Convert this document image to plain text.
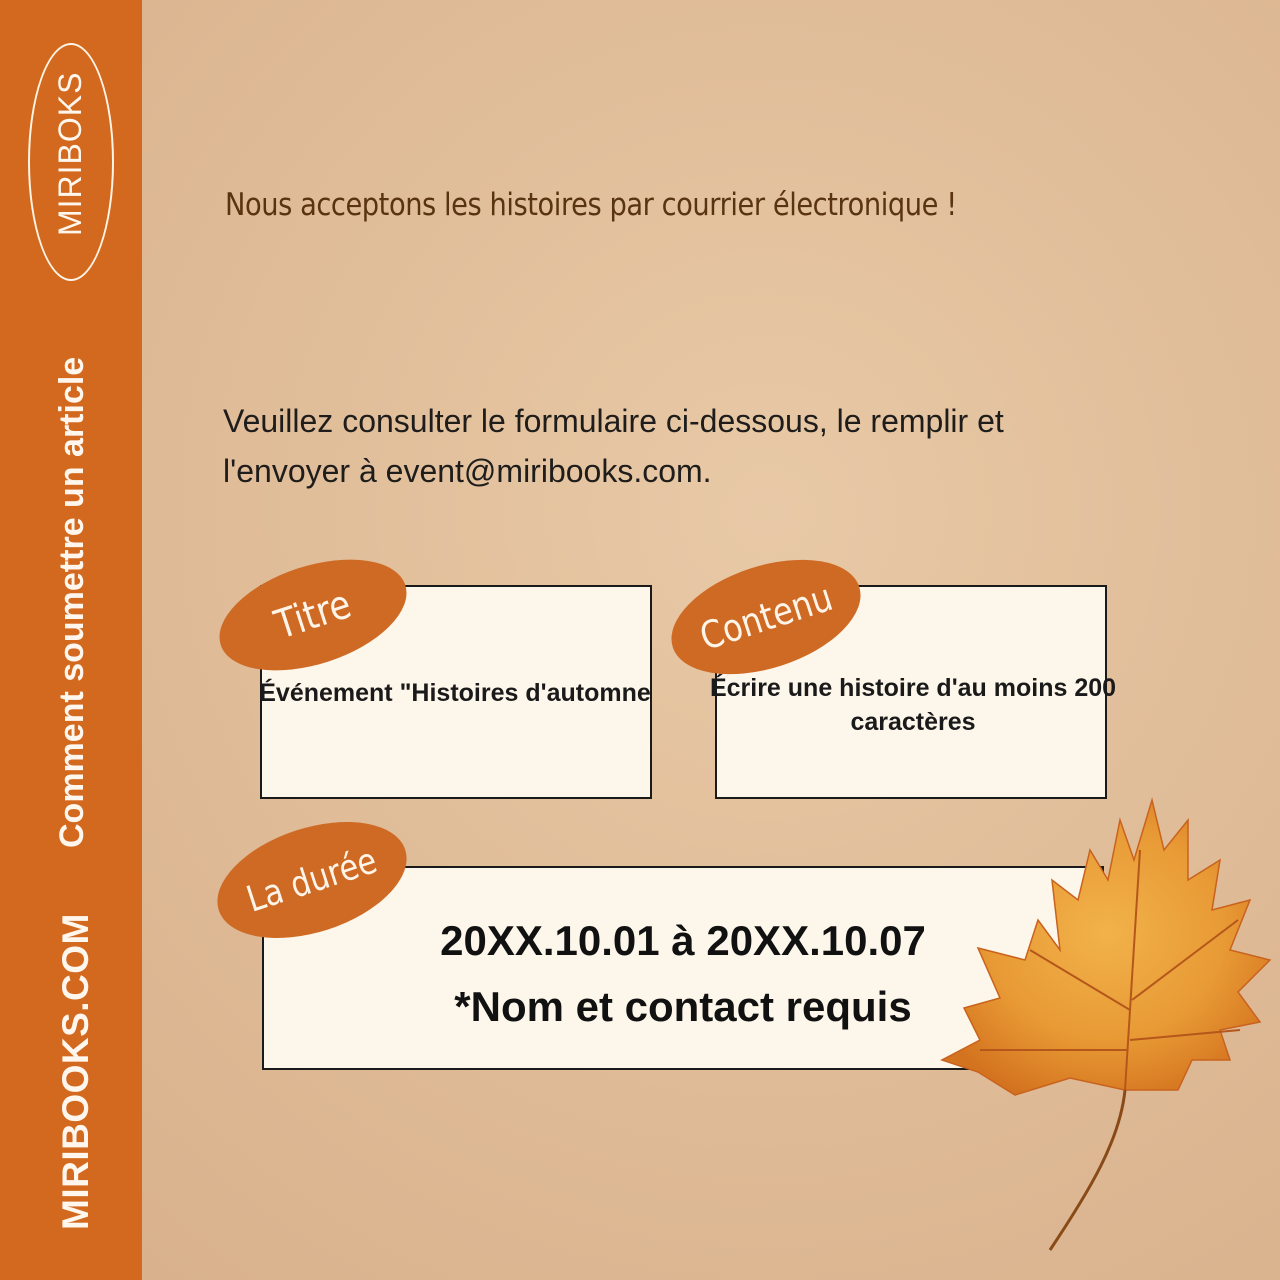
MIRIBOKS
Comment soumettre un article
MIRIBOOKS.COM
Nous acceptons les histoires par courrier électronique !
Veuillez consulter le formulaire ci-dessous, le remplir et l'envoyer à event@miribooks.com.
Événement "Histoires d'automne	Écrire une histoire d'au moins 200 caractères
20XX.10.01 à 20XX.10.07
*Nom et contact requis
Titre	Contenu
La durée
